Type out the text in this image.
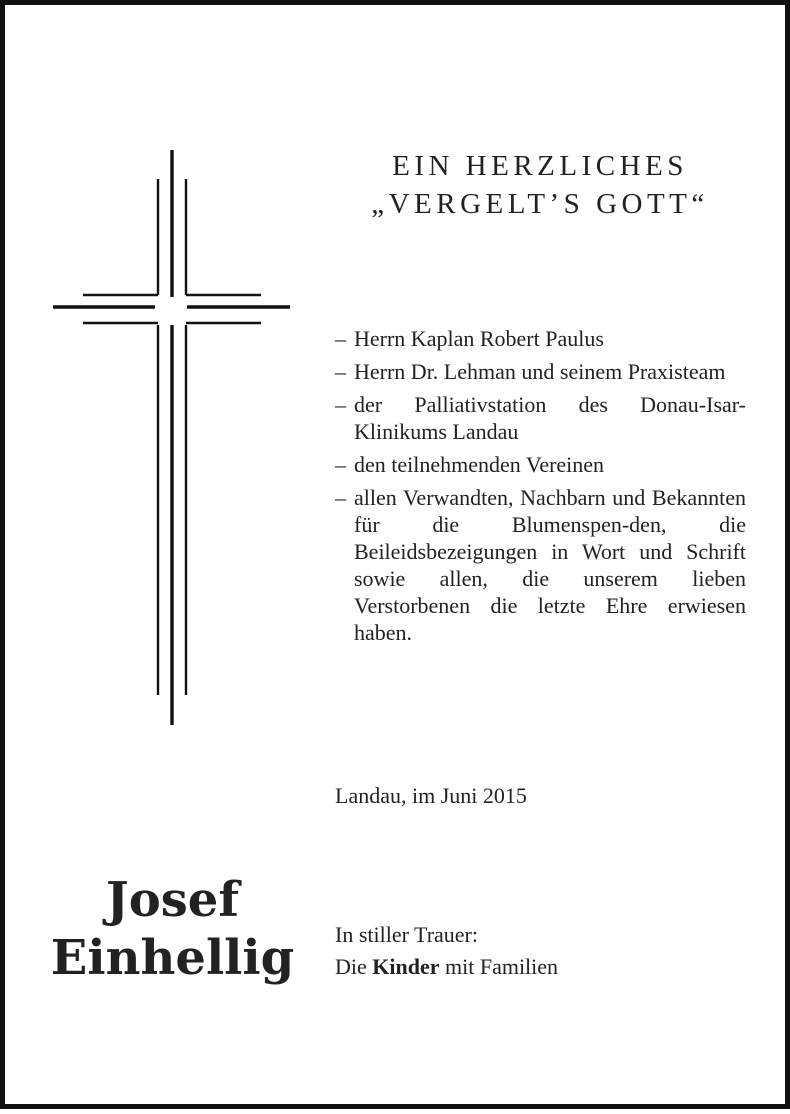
EIN HERZLICHES
„VERGELT’S GOTT“
– Herrn Kaplan Robert Paulus
– Herrn Dr. Lehman und seinem Praxisteam
– der Palliativstation des Donau-Isar-Klinikums Landau
– den teilnehmenden Vereinen
– allen Verwandten, Nachbarn und Bekannten für die Blumenspen-den, die Beileidsbezeigungen in Wort und Schrift sowie allen, die unserem lieben Verstorbenen die letzte Ehre erwiesen haben.
Landau, im Juni 2015
Josef
Einhellig In stiller Trauer:
Die Kinder mit Familien
